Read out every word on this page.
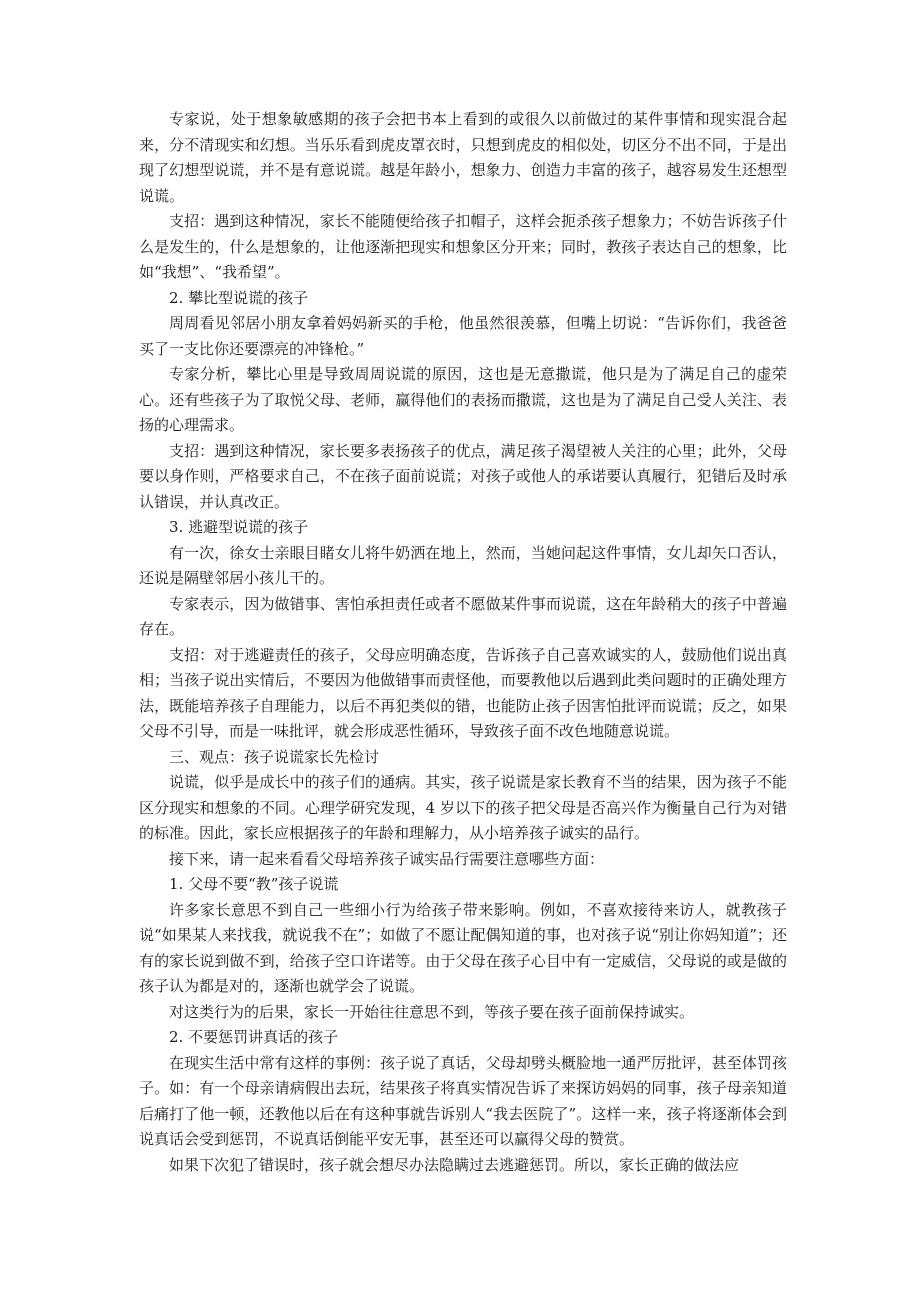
专家说，处于想象敏感期的孩子会把书本上看到的或很久以前做过的某件事情和现实混合起来，分不清现实和幻想。当乐乐看到虎皮罩衣时，只想到虎皮的相似处，切区分不出不同，于是出现了幻想型说谎，并不是有意说谎。越是年龄小，想象力、创造力丰富的孩子，越容易发生还想型说谎。

支招：遇到这种情况，家长不能随便给孩子扣帽子，这样会扼杀孩子想象力；不妨告诉孩子什么是发生的，什么是想象的，让他逐渐把现实和想象区分开来；同时，教孩子表达自己的想象，比如“我想”、“我希望”。

2. 攀比型说谎的孩子

周周看见邻居小朋友拿着妈妈新买的手枪，他虽然很羡慕，但嘴上切说：“告诉你们，我爸爸买了一支比你还要漂亮的冲锋枪。”

专家分析，攀比心里是导致周周说谎的原因，这也是无意撒谎，他只是为了满足自己的虚荣心。还有些孩子为了取悦父母、老师，赢得他们的表扬而撒谎，这也是为了满足自己受人关注、表扬的心理需求。

支招：遇到这种情况，家长要多表扬孩子的优点，满足孩子渴望被人关注的心里；此外，父母要以身作则，严格要求自己，不在孩子面前说谎；对孩子或他人的承诺要认真履行，犯错后及时承认错误，并认真改正。

3. 逃避型说谎的孩子

有一次，徐女士亲眼目睹女儿将牛奶洒在地上，然而，当她问起这件事情，女儿却矢口否认，还说是隔壁邻居小孩儿干的。

专家表示，因为做错事、害怕承担责任或者不愿做某件事而说谎，这在年龄稍大的孩子中普遍存在。

支招：对于逃避责任的孩子，父母应明确态度，告诉孩子自己喜欢诚实的人，鼓励他们说出真相；当孩子说出实情后，不要因为他做错事而责怪他，而要教他以后遇到此类问题时的正确处理方法，既能培养孩子自理能力，以后不再犯类似的错，也能防止孩子因害怕批评而说谎；反之，如果父母不引导，而是一味批评，就会形成恶性循环，导致孩子面不改色地随意说谎。

三、观点：孩子说谎家长先检讨

说谎，似乎是成长中的孩子们的通病。其实，孩子说谎是家长教育不当的结果，因为孩子不能区分现实和想象的不同。心理学研究发现，4 岁以下的孩子把父母是否高兴作为衡量自己行为对错的标准。因此，家长应根据孩子的年龄和理解力，从小培养孩子诚实的品行。

接下来，请一起来看看父母培养孩子诚实品行需要注意哪些方面：

1. 父母不要“教”孩子说谎

许多家长意思不到自己一些细小行为给孩子带来影响。例如，不喜欢接待来访人，就教孩子说“如果某人来找我，就说我不在”；如做了不愿让配偶知道的事，也对孩子说“别让你妈知道”；还有的家长说到做不到，给孩子空口许诺等。由于父母在孩子心目中有一定威信，父母说的或是做的孩子认为都是对的，逐渐也就学会了说谎。

对这类行为的后果，家长一开始往往意思不到，等孩子要在孩子面前保持诚实。

2. 不要惩罚讲真话的孩子

在现实生活中常有这样的事例：孩子说了真话，父母却劈头概脸地一通严厉批评，甚至体罚孩子。如：有一个母亲请病假出去玩，结果孩子将真实情况告诉了来探访妈妈的同事，孩子母亲知道后痛打了他一顿，还教他以后在有这种事就告诉别人“我去医院了”。这样一来，孩子将逐渐体会到说真话会受到惩罚，不说真话倒能平安无事，甚至还可以赢得父母的赞赏。

如果下次犯了错误时，孩子就会想尽办法隐瞒过去逃避惩罚。所以，家长正确的做法应
